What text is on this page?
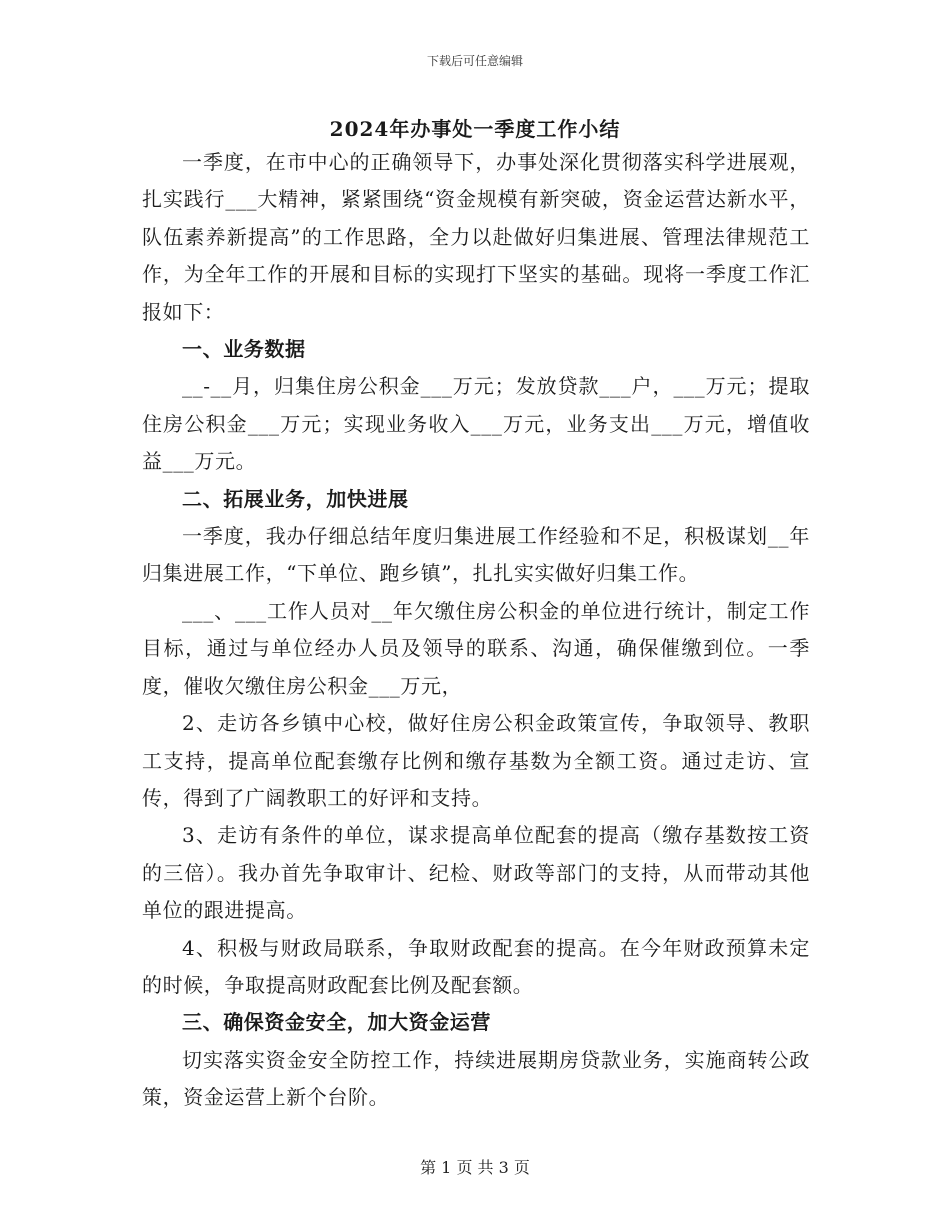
下载后可任意编辑
2024年办事处一季度工作小结

一季度，在市中心的正确领导下，办事处深化贯彻落实科学进展观，扎实践行___大精神，紧紧围绕“资金规模有新突破，资金运营达新水平，队伍素养新提高”的工作思路，全力以赴做好归集进展、管理法律规范工作，为全年工作的开展和目标的实现打下坚实的基础。现将一季度工作汇报如下：

一、业务数据

__-__月，归集住房公积金___万元；发放贷款___户，___万元；提取住房公积金___万元；实现业务收入___万元，业务支出___万元，增值收益___万元。

二、拓展业务，加快进展

一季度，我办仔细总结年度归集进展工作经验和不足，积极谋划__年归集进展工作，“下单位、跑乡镇”，扎扎实实做好归集工作。

___、___工作人员对__年欠缴住房公积金的单位进行统计，制定工作目标，通过与单位经办人员及领导的联系、沟通，确保催缴到位。一季度，催收欠缴住房公积金___万元，

2、走访各乡镇中心校，做好住房公积金政策宣传，争取领导、教职工支持，提高单位配套缴存比例和缴存基数为全额工资。通过走访、宣传，得到了广阔教职工的好评和支持。

3、走访有条件的单位，谋求提高单位配套的提高（缴存基数按工资的三倍）。我办首先争取审计、纪检、财政等部门的支持，从而带动其他单位的跟进提高。

4、积极与财政局联系，争取财政配套的提高。在今年财政预算未定的时候，争取提高财政配套比例及配套额。

三、确保资金安全，加大资金运营

切实落实资金安全防控工作，持续进展期房贷款业务，实施商转公政策，资金运营上新个台阶。

第 1 页 共 3 页
